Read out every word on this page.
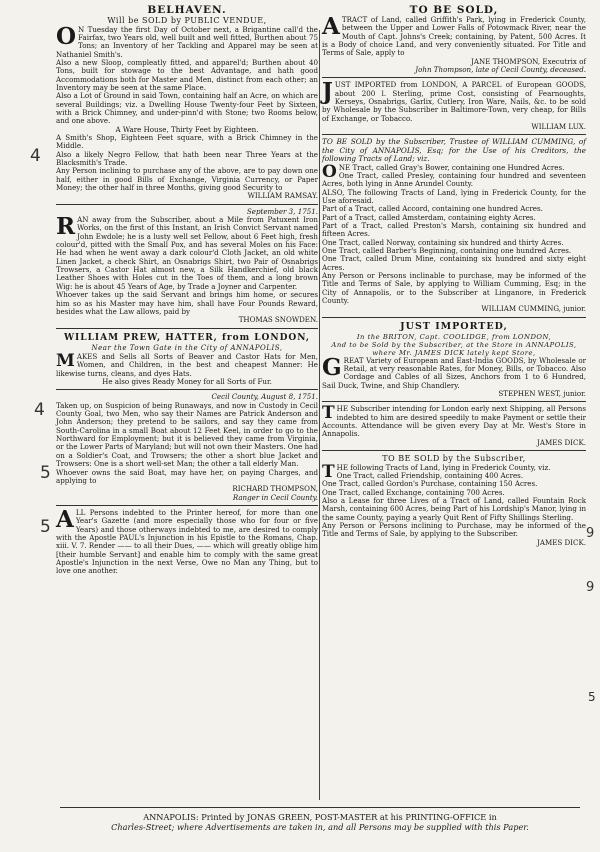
BELHAVEN.

Will be SOLD by PUBLIC VENDUE,

O N Tuesday the first Day of October next, a Brigantine call'd the Fairfax, two Years old, well built and well fitted, Burthen about 75 Tons; an Inventory of her Tackling and Apparel may be seen at Nathaniel Smith's.

Also a new Sloop, compleatly fitted, and apparel'd; Burthen about 40 Tons, built for stowage to the best Advantage, and hath good Accommodations both for Master and Men, distinct from each other; an Inventory may be seen at the same Place.

Also a Lot of Ground in said Town, containing half an Acre, on which are several Buildings; viz. a Dwelling House Twenty-four Feet by Sixteen, with a Brick Chimney, and under-pinn'd with Stone; two Rooms below, and one above.

A Ware House, Thirty Feet by Eighteen.

A Smith's Shop, Eighteen Feet square, with a Brick Chimney in the Middle.

Also a likely Negro Fellow, that hath been near Three Years at the Blacksmith's Trade.

Any Person inclining to purchase any of the above, are to pay down one half, either in good Bills of Exchange, Virginia Currency, or Paper Money; the other half in three Months, giving good Security to

WILLIAM RAMSAY.

September 3, 1751.

RAN away from the Subscriber, about a Mile from Patuxent Iron Works, on the first of this Instant, an Irish Convict Servant named John Ewdole; he is a lusty well set Fellow, about 6 Feet high, fresh colour'd, pitted with the Small Pox, and has several Moles on his Face: He had when he went away a dark colour'd Cloth Jacket, an old white Linen Jacket, a check Shirt, an Osnabrigs Shirt, two Pair of Osnabrigs Trowsers, a Castor Hat almost new, a Silk Handkerchief, old black Leather Shoes with Holes cut in the Toes of them, and a long brown Wig: he is about 45 Years of Age, by Trade a Joyner and Carpenter.

Whoever takes up the said Servant and brings him home, or secures him so as his Master may have him, shall have Four Pounds Reward, besides what the Law allows, paid by

THOMAS SNOWDEN.

WILLIAM PREW, HATTER, from LONDON,

Near the Town Gate in the City of ANNAPOLIS,

MAKES and Sells all Sorts of Beaver and Castor Hats for Men, Women, and Children, in the best and cheapest Manner: He likewise turns, cleans, and dyes Hats.

He also gives Ready Money for all Sorts of Fur.

Cecil County, August 8, 1751.

Taken up, on Suspicion of being Runaways, and now in Custody in Cecil County Goal, two Men, who say their Names are Patrick Anderson and John Anderson; they pretend to be sailors, and say they came from South-Carolina in a small Boat about 12 Feet Keel, in order to go to the Northward for Employment; but it is believed they came from Virginia, or the Lower Parts of Maryland; but will not own their Masters. One had on a Soldier's Coat, and Trowsers; the other a short blue Jacket and Trowsers: One is a short well-set Man; the other a tall elderly Man.

Whoever owns the said Boat, may have her, on paying Charges, and applying to

RICHARD THOMPSON,

Ranger in Cecil County.

ALL Persons indebted to the Printer hereof, for more than one Year's Gazette (and more especially those who for four or five Years) and those otherways indebted to me, are desired to comply with the Apostle PAUL's Injunction in his Epistle to the Romans, Chap. xiii. V. 7. Render —— to all their Dues, —— which will greatly oblige him [their humble Servant] and enable him to comply with the same great Apostle's Injunction in the next Verse, Owe no Man any Thing, but to love one another.

TO BE SOLD,

ATRACT of Land, called Griffith's Park, lying in Frederick County, between the Upper and Lower Falls of Potowmack River, near the Mouth of Capt. Johns's Creek; containing, by Patent, 500 Acres. It is a Body of choice Land, and very conveniently situated. For Title and Terms of Sale, apply to

JANE THOMPSON, Executrix of

John Thompson, late of Cecil County, deceased.

JUST IMPORTED from LONDON, A PARCEL of European GOODS, about 200 l. Sterling, prime Cost, consisting of Fearnoughts, Kerseys, Osnabrigs, Garlix, Cutlery, Iron Ware, Nails, &c. to be sold by Wholesale by the Subscriber in Baltimore-Town, very cheap, for Bills of Exchange, or Tobacco.

WILLIAM LUX.

TO BE SOLD by the Subscriber, Trustee of WILLIAM CUMMING, of the City of ANNAPOLIS, Esq; for the Use of his Creditors, the following Tracts of Land; viz.

ONE Tract, called Gray's Bower, containing one Hundred Acres.

One Tract, called Presley, containing four hundred and seventeen Acres, both lying in Anne Arundel County.

ALSO, The following Tracts of Land, lying in Frederick County, for the Use aforesaid.

Part of a Tract, called Accord, containing one hundred Acres.

Part of a Tract, called Amsterdam, containing eighty Acres.

Part of a Tract, called Preston's Marsh, containing six hundred and fifteen Acres.

One Tract, called Norway, containing six hundred and thirty Acres.

One Tract, called Barber's Beginning, containing one hundred Acres.

One Tract, called Drum Mine, containing six hundred and sixty eight Acres.

Any Person or Persons inclinable to purchase, may be informed of the Title and Terms of Sale, by applying to William Cumming, Esq; in the City of Annapolis, or to the Subscriber at Linganore, in Frederick County.

WILLIAM CUMMING, junior.

JUST IMPORTED,

In the BRITON, Capt. COOLIDGE, from LONDON,

And to be Sold by the Subscriber, at the Store in ANNAPOLIS, where Mr. JAMES DICK lately kept Store,

GREAT Variety of European and East-India GOODS, by Wholesale or Retail, at very reasonable Rates, for Money, Bills, or Tobacco. Also Cordage and Cables of all Sizes, Anchors from 1 to 6 Hundred, Sail Duck, Twine, and Ship Chandlery.

STEPHEN WEST, junior.

THE Subscriber intending for London early next Shipping, all Persons indebted to him are desired speedily to make Payment or settle their Accounts. Attendance will be given every Day at Mr. West's Store in Annapolis.

JAMES DICK.

TO BE SOLD by the Subscriber,

THE following Tracts of Land, lying in Frederick County, viz.

One Tract, called Friendship, containing 400 Acres.

One Tract, called Gordon's Purchase, containing 150 Acres.

One Tract, called Exchange, containing 700 Acres.

Also a Lease for three Lives of a Tract of Land, called Fountain Rock Marsh, containing 600 Acres, being Part of his Lordship's Manor, lying in the same County, paying a yearly Quit Rent of Fifty Shillings Sterling.

Any Person or Persons inclining to Purchase, may be informed of the Title and Terms of Sale, by applying to the Subscriber.

JAMES DICK.

4
4
5
5	9
9
5

ANNAPOLIS: Printed by JONAS GREEN, POST-MASTER at his PRINTING-OFFICE in

Charles-Street; where Advertisements are taken in, and all Persons may be supplied with this Paper.
